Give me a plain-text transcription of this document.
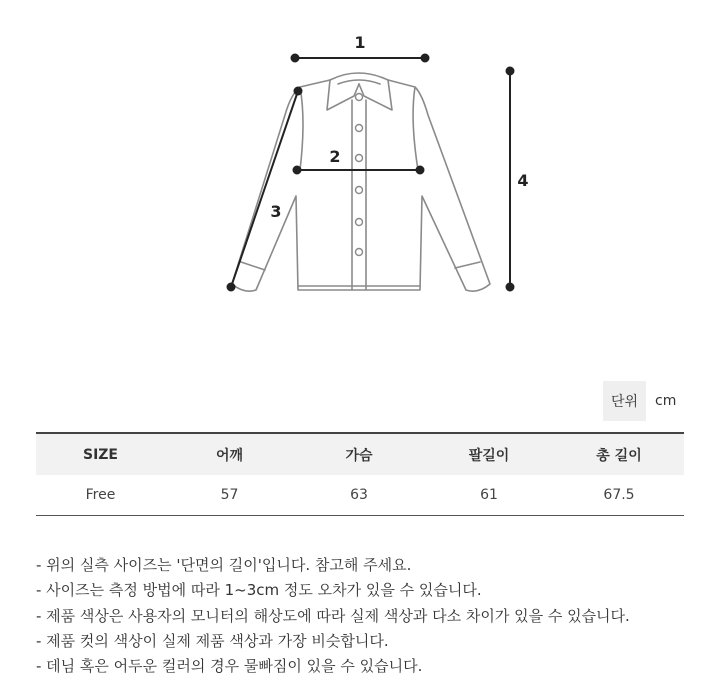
1
2
3
4
단위	cm
SIZE	어깨	가슴	팔길이	총 길이
Free	57	63	61	67.5
- 위의 실측 사이즈는 '단면의 길이'입니다. 참고해 주세요.
- 사이즈는 측정 방법에 따라 1~3cm 정도 오차가 있을 수 있습니다.
- 제품 색상은 사용자의 모니터의 해상도에 따라 실제 색상과 다소 차이가 있을 수 있습니다.
- 제품 컷의 색상이 실제 제품 색상과 가장 비슷합니다.
- 데님 혹은 어두운 컬러의 경우 물빠짐이 있을 수 있습니다.
